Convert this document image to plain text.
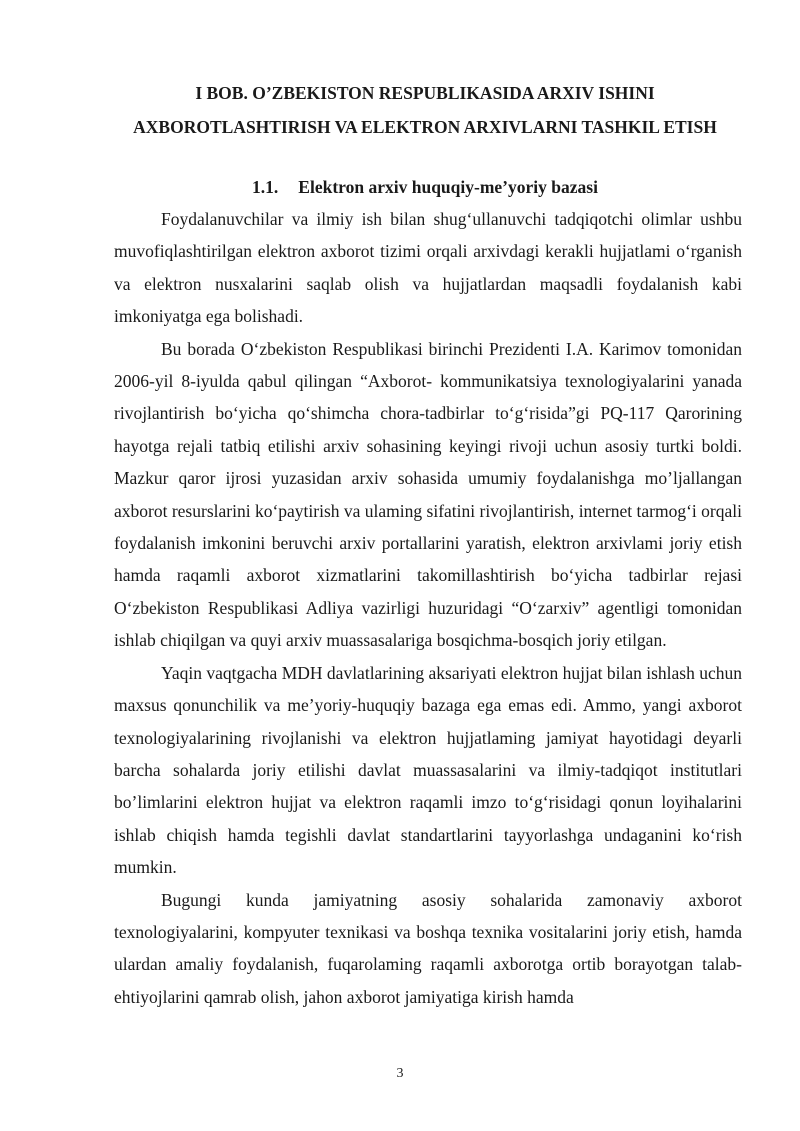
I BOB. O’ZBEKISTON RESPUBLIKASIDA ARXIV ISHINI AXBOROTLASHTIRISH VA ELEKTRON ARXIVLARNI TASHKIL ETISH
1.1. Elektron arxiv huquqiy-me’yoriy bazasi

Foydalanuvchilar va ilmiy ish bilan shug‘ullanuvchi tadqiqotchi olimlar ushbu muvofiqlashtirilgan elektron axborot tizimi orqali arxivdagi kerakli hujjatlami o‘rganish va elektron nusxalarini saqlab olish va hujjatlardan maqsadli foydalanish kabi imkoniyatga ega bolishadi.

Bu borada O‘zbekiston Respublikasi birinchi Prezidenti I.A. Karimov tomonidan 2006-yil 8-iyulda qabul qilingan “Axborot- kommunikatsiya texnologiyalarini yanada rivojlantirish bo‘yicha qo‘shimcha chora-tadbirlar to‘g‘risida”gi PQ-117 Qarorining hayotga rejali tatbiq etilishi arxiv sohasining keyingi rivoji uchun asosiy turtki boldi. Mazkur qaror ijrosi yuzasidan arxiv sohasida umumiy foydalanishga mo’ljallangan axborot resurslarini ko‘paytirish va ulaming sifatini rivojlantirish, internet tarmog‘i orqali foydalanish imkonini beruvchi arxiv portallarini yaratish, elektron arxivlami joriy etish hamda raqamli axborot xizmatlarini takomillashtirish bo‘yicha tadbirlar rejasi O‘zbekiston Respublikasi Adliya vazirligi huzuridagi “O‘zarxiv” agentligi tomonidan ishlab chiqilgan va quyi arxiv muassasalariga bosqichma-bosqich joriy etilgan.

Yaqin vaqtgacha MDH davlatlarining aksariyati elektron hujjat bilan ishlash uchun maxsus qonunchilik va me’yoriy-huquqiy bazaga ega emas edi. Ammo, yangi axborot texnologiyalarining rivojlanishi va elektron hujjatlaming jamiyat hayotidagi deyarli barcha sohalarda joriy etilishi davlat muassasalarini va ilmiy-tadqiqot institutlari bo’limlarini elektron hujjat va elektron raqamli imzo to‘g‘risidagi qonun loyihalarini ishlab chiqish hamda tegishli davlat standartlarini tayyorlashga undaganini ko‘rish mumkin.

Bugungi kunda jamiyatning asosiy sohalarida zamonaviy axborot texnologiyalarini, kompyuter texnikasi va boshqa texnika vositalarini joriy etish, hamda ulardan amaliy foydalanish, fuqarolaming raqamli axborotga ortib borayotgan talab-ehtiyojlarini qamrab olish, jahon axborot jamiyatiga kirish hamda

3
